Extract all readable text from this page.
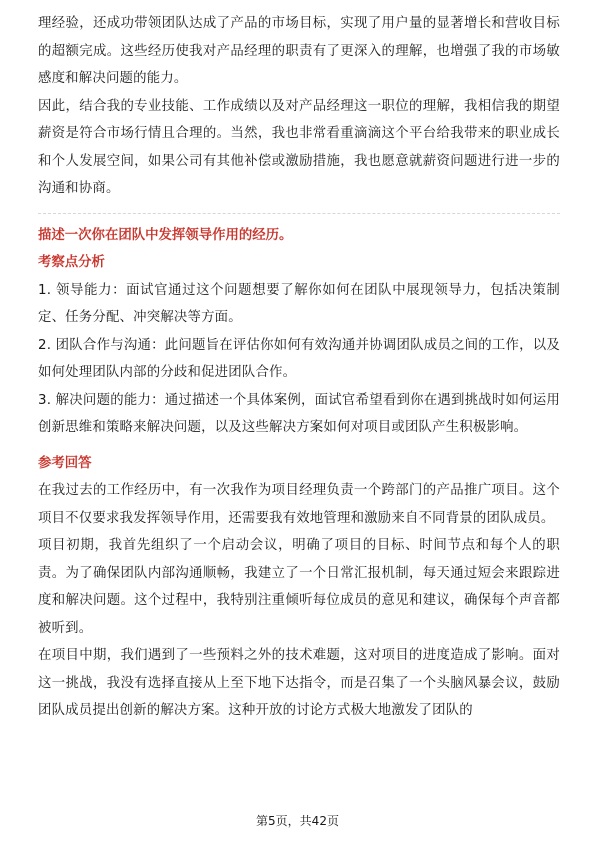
理经验，还成功带领团队达成了产品的市场目标，实现了用户量的显著增长和营收目标的超额完成。这些经历使我对产品经理的职责有了更深入的理解，也增强了我的市场敏感度和解决问题的能力。

因此，结合我的专业技能、工作成绩以及对产品经理这一职位的理解，我相信我的期望薪资是符合市场行情且合理的。当然，我也非常看重滴滴这个平台给我带来的职业成长和个人发展空间，如果公司有其他补偿或激励措施，我也愿意就薪资问题进行进一步的沟通和协商。

描述一次你在团队中发挥领导作用的经历。
考察点分析

1. 领导能力：面试官通过这个问题想要了解你如何在团队中展现领导力，包括决策制定、任务分配、冲突解决等方面。

2. 团队合作与沟通：此问题旨在评估你如何有效沟通并协调团队成员之间的工作，以及如何处理团队内部的分歧和促进团队合作。

3. 解决问题的能力：通过描述一个具体案例，面试官希望看到你在遇到挑战时如何运用创新思维和策略来解决问题，以及这些解决方案如何对项目或团队产生积极影响。

参考回答

在我过去的工作经历中，有一次我作为项目经理负责一个跨部门的产品推广项目。这个项目不仅要求我发挥领导作用，还需要我有效地管理和激励来自不同背景的团队成员。

项目初期，我首先组织了一个启动会议，明确了项目的目标、时间节点和每个人的职责。为了确保团队内部沟通顺畅，我建立了一个日常汇报机制，每天通过短会来跟踪进度和解决问题。这个过程中，我特别注重倾听每位成员的意见和建议，确保每个声音都被听到。

在项目中期，我们遇到了一些预料之外的技术难题，这对项目的进度造成了影响。面对这一挑战，我没有选择直接从上至下地下达指令，而是召集了一个头脑风暴会议，鼓励团队成员提出创新的解决方案。这种开放的讨论方式极大地激发了团队的

第5页，共42页
